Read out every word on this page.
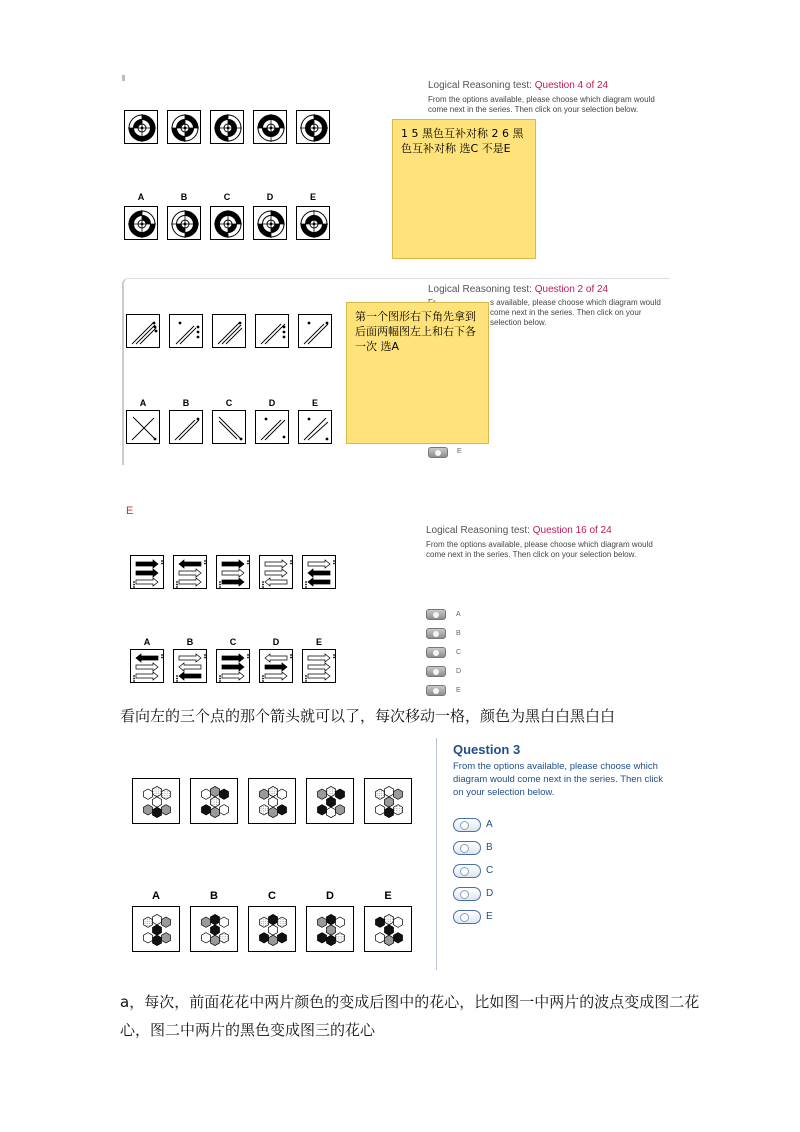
A	B	C	D	E
Logical Reasoning test: Question 4 of 24
From the options available, please choose which diagram would come next in the series. Then click on your selection below.
1 5 黑色互补对称 2 6 黑色互补对称 选C 不是E
A	B	C	D	E
Logical Reasoning test: Question 2 of 24
s available, please choose which diagram would come next in the series. Then click on your selection below.
第一个图形右下角先拿到后面两幅图左上和右下各一次 选A
E
E
A	B	C	D	E
Logical Reasoning test: Question 16 of 24
From the options available, please choose which diagram would come next in the series. Then click on your selection below.
A
B
C
D
E
看向左的三个点的那个箭头就可以了，每次移动一格，颜色为黑白白黑白白
A	B	C	D	E
Question 3
From the options available, please choose which diagram would come next in the series. Then click on your selection below.
A
B
C
D
E
a，每次，前面花花中两片颜色的变成后图中的花心，比如图一中两片的波点变成图二花心，图二中两片的黑色变成图三的花心
